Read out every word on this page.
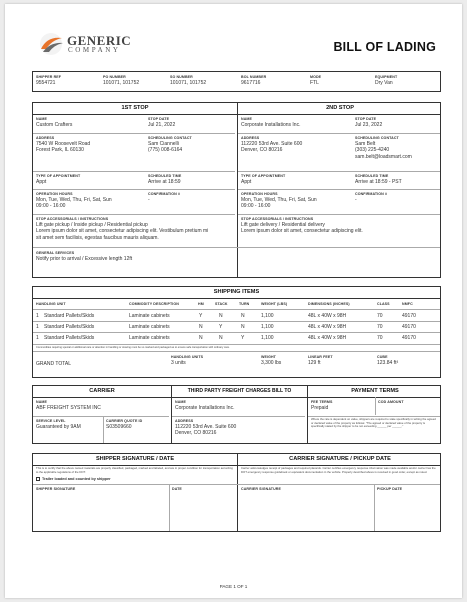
GENERIC
COMPANY	BILL OF LADING
SHIPPER REF
9554721
PO NUMBER
101071, 101752
SO NUMBER
101071, 101752
BOL NUMBER
9617716
MODE
FTL
EQUIPMENT
Dry Van
1ST STOP	2ND STOP
NAME
Custom Crafters
STOP DATE
Jul 21, 2022
ADDRESS
7540 W Roosevelt Road
Forest Park, IL 60130
SCHEDULING CONTACT
Sam Ciannelli
(775) 008-6164
TYPE OF APPOINTMENT
Appt
SCHEDULED TIME
Arrive at 18:59
OPERATION HOURS
Mon, Tue, Wed, Thu, Fri, Sat, Sun
09:00 - 16:00
CONFIRMATION #
-
STOP ACCESSORIALS / INSTRUCTIONS
Lift gate pickup / Inside pickup / Residential pickup
Lorem ipsum dolor sit amet, consectetur adipiscing elit. Vestibulum pretium mi
sit amet sem facilisis, egestas faucibus mauris aliquam.
GENERAL SERVICES
Notify prior to arrival / Excessive length 12ft
NAME
Corporate Installations Inc.
STOP DATE
Jul 23, 2022
ADDRESS
112220 53rd Ave. Suite 600
Denver, CO 80216
SCHEDULING CONTACT
Sam Belt
(303) 225-4240
sam.belt@loadsmart.com
TYPE OF APPOINTMENT
Appt
SCHEDULED TIME
Arrive at 18:59 - PST
OPERATION HOURS
Mon, Tue, Wed, Thu, Fri, Sat, Sun
09:00 - 16:00
CONFIRMATION #
-
STOP ACCESSORIALS / INSTRUCTIONS
Lift gate delivery / Residential delivery
Lorem ipsum dolor sit amet, consectetur adipiscing elit.
SHIPPING ITEMS
HANDLING UNIT	COMMODITY DESCRIPTION	HM	STACK	TURN	WEIGHT (LBS)	DIMENSIONS (INCHES)	CLASS	NMFC
1 Standard Pallets/Skids	Laminate cabinets	Y	N	N	1,100	48L x 40W x 98H	70	49170
1 Standard Pallets/Skids	Laminate cabinets	N	Y	N	1,100	48L x 40W x 98H	70	49170
1 Standard Pallets/Skids	Laminate cabinets	N	N	Y	1,100	48L x 40W x 98H	70	49170
Commodities requiring special or additional care or attention in handling or stowing must be so marked and packaged as to ensure safe transportation with ordinary care.
GRAND TOTAL
HANDLING UNITS
3 units
WEIGHT
3,300 lbs
LINEAR FEET
129 ft
CUBE
123.84 ft³
CARRIER	THIRD PARTY FREIGHT CHARGES BILL TO	PAYMENT TERMS
NAME
ABF FREIGHT SYSTEM INC
SERVICE LEVEL
Guaranteed by 9AM
CARRIER QUOTE ID
S03509660
NAME
Corporate Installations Inc.
ADDRESS
112220 53rd Ave. Suite 600
Denver, CO 80216
FEE TERMS
Prepaid
COD AMOUNT
Where the rate is dependent on value, shippers are required to state specifically in writing the agreed or declared value of the property as follows: "The agreed or declared value of the property is specifically stated by the shipper to be not exceeding ______ per ______."
SHIPPER SIGNATURE / DATE	CARRIER SIGNATURE / PICKUP DATE
This is to certify that the above named materials are properly classified, packaged, marked and labeled, and are in proper condition for transportation according to the applicable regulations of the DOT.
Trailer loaded and counted by shipper
Carrier acknowledges receipt of packages and required placards. Carrier certifies emergency response information was made available and/or carrier has the DOT emergency response guidebook or equivalent documentation in the vehicle. Property described above is received in good order, except as noted.
SHIPPER SIGNATURE	DATE	CARRIER SIGNATURE	PICKUP DATE
PAGE 1 OF 1
